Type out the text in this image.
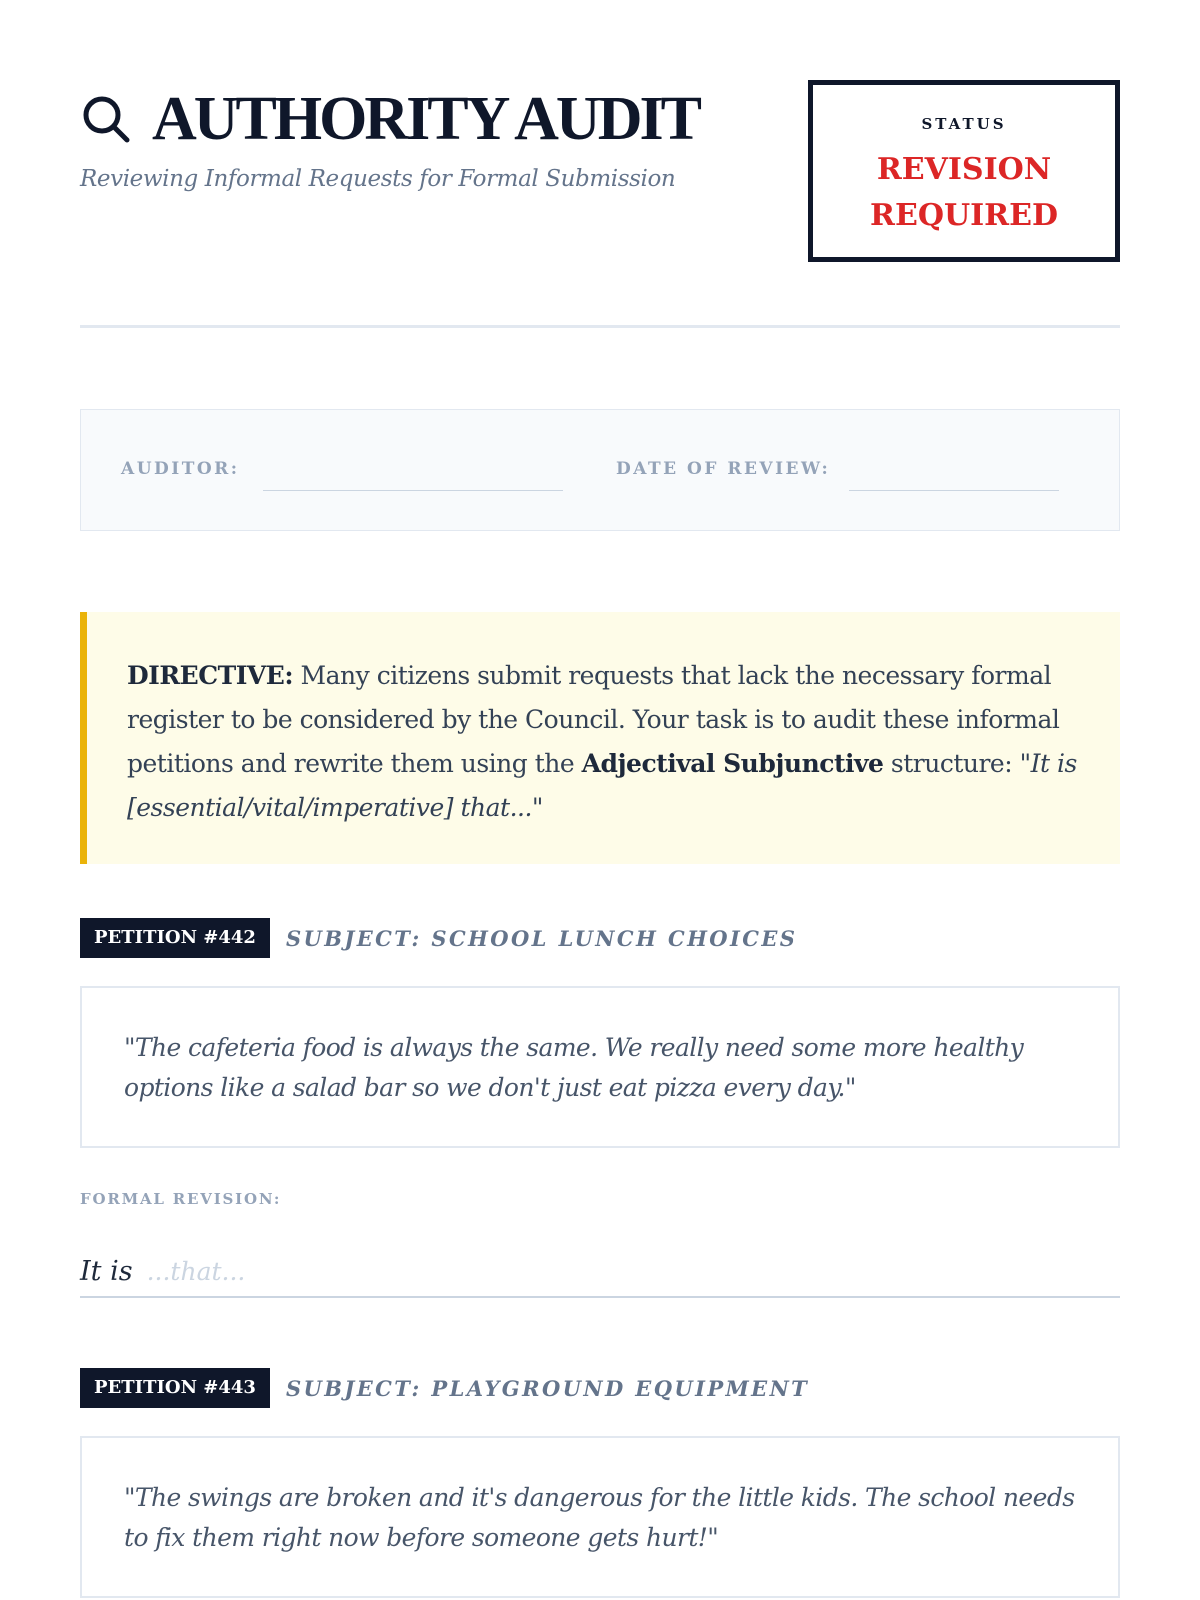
AUTHORITY AUDIT
Reviewing Informal Requests for Formal Submission
STATUS
REVISION
REQUIRED
AUDITOR:	DATE OF REVIEW:
DIRECTIVE: Many citizens submit requests that lack the necessary formal register to be considered by the Council. Your task is to audit these informal petitions and rewrite them using the Adjectival Subjunctive structure: "It is [essential/vital/imperative] that..."
PETITION #442	SUBJECT: SCHOOL LUNCH CHOICES
"The cafeteria food is always the same. We really need some more healthy options like a salad bar so we don't just eat pizza every day."
FORMAL REVISION:
It is
...that...
PETITION #443	SUBJECT: PLAYGROUND EQUIPMENT
"The swings are broken and it's dangerous for the little kids. The school needs to fix them right now before someone gets hurt!"
